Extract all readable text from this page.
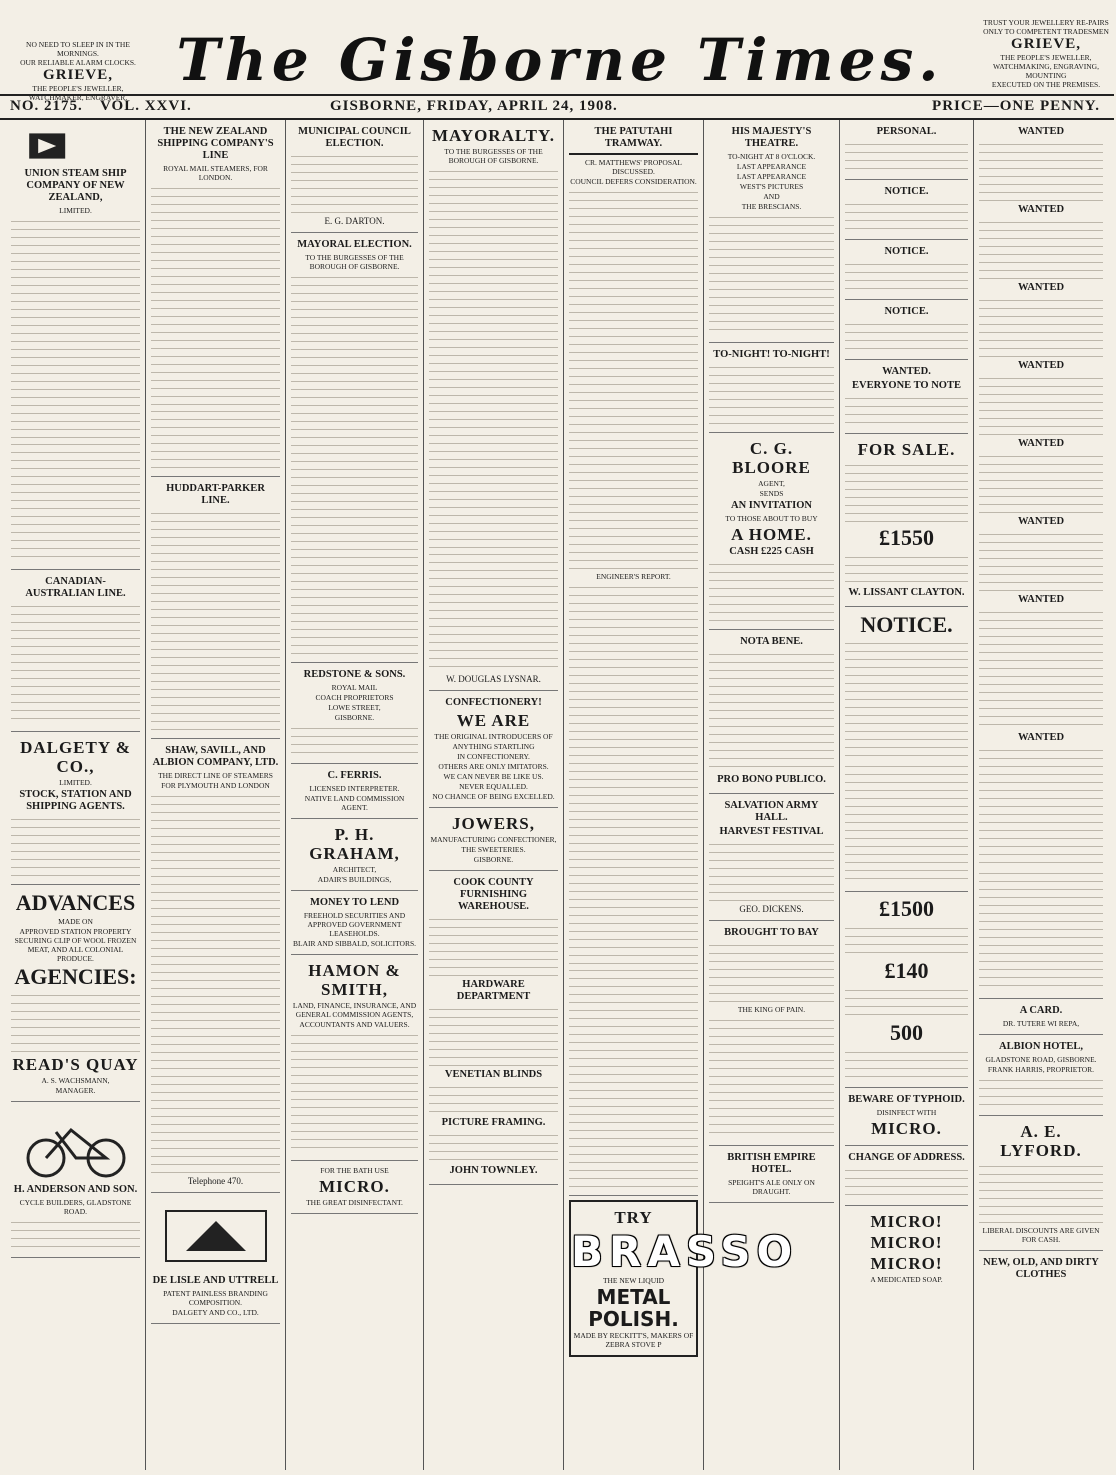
NO NEED TO SLEEP IN IN THE MORNINGS.
OUR RELIABLE ALARM CLOCKS.
GRIEVE,
THE PEOPLE'S JEWELLER, WATCHMAKER, ENGRAVER.
The Gisborne Times.
TRUST YOUR JEWELLERY RE-PAIRS ONLY TO COMPETENT TRADESMEN
GRIEVE,
THE PEOPLE'S JEWELLER,
WATCHMAKING, ENGRAVING,
MOUNTING
EXECUTED ON THE PREMISES.
NO. 2175. VOL. XXVI.	GISBORNE, FRIDAY, APRIL 24, 1908.	PRICE—ONE PENNY.
UNION STEAM SHIP COMPANY OF NEW ZEALAND,
LIMITED.
CANADIAN-AUSTRALIAN LINE.
DALGETY & CO.,
LIMITED.
STOCK, STATION AND SHIPPING AGENTS.
ADVANCES
MADE ON
APPROVED STATION PROPERTY SECURING CLIP OF WOOL FROZEN MEAT, AND ALL COLONIAL PRODUCE.
AGENCIES:
READ'S QUAY
A. S. WACHSMANN,
MANAGER.
H. ANDERSON AND SON.
CYCLE BUILDERS, GLADSTONE ROAD.
THE NEW ZEALAND SHIPPING COMPANY'S LINE
ROYAL MAIL STEAMERS, FOR LONDON.
HUDDART-PARKER LINE.
SHAW, SAVILL, AND ALBION COMPANY, LTD.
THE DIRECT LINE OF STEAMERS
FOR PLYMOUTH AND LONDON
Telephone 470.
DE LISLE AND UTTRELL
PATENT PAINLESS BRANDING COMPOSITION.
DALGETY AND CO., LTD.
MUNICIPAL COUNCIL ELECTION.
E. G. DARTON.
MAYORAL ELECTION.
TO THE BURGESSES OF THE BOROUGH OF GISBORNE.
REDSTONE & SONS.
ROYAL MAIL
COACH PROPRIETORS
LOWE STREET,
GISBORNE.
C. FERRIS.
LICENSED INTERPRETER.
NATIVE LAND COMMISSION AGENT.
P. H. GRAHAM,
ARCHITECT,
ADAIR'S BUILDINGS,
MONEY TO LEND
FREEHOLD SECURITIES AND APPROVED GOVERNMENT LEASEHOLDS.
BLAIR AND SIBBALD, SOLICITORS.
HAMON & SMITH,
LAND, FINANCE, INSURANCE, AND GENERAL COMMISSION AGENTS,
ACCOUNTANTS AND VALUERS.
FOR THE BATH USE
MICRO.
THE GREAT DISINFECTANT.
MAYORALTY.
TO THE BURGESSES OF THE BOROUGH OF GISBORNE.
W. DOUGLAS LYSNAR.
CONFECTIONERY!
WE ARE
THE ORIGINAL INTRODUCERS OF
ANYTHING STARTLING
IN CONFECTIONERY.
OTHERS ARE ONLY IMITATORS.
WE CAN NEVER BE LIKE US.
NEVER EQUALLED.
NO CHANCE OF BEING EXCELLED.
JOWERS,
MANUFACTURING CONFECTIONER,
THE SWEETERIES.
GISBORNE.
COOK COUNTY FURNISHING WAREHOUSE.
HARDWARE DEPARTMENT
VENETIAN BLINDS
PICTURE FRAMING.
JOHN TOWNLEY.
THE PATUTAHI TRAMWAY.
CR. MATTHEWS' PROPOSAL DISCUSSED.
COUNCIL DEFERS CONSIDERATION.
ENGINEER'S REPORT.
TRY
BRASSO
THE NEW LIQUID
METAL POLISH.
MADE BY RECKITT'S, MAKERS OF ZEBRA STOVE P
HIS MAJESTY'S THEATRE.
TO-NIGHT AT 8 O'CLOCK.
LAST APPEARANCE
LAST APPEARANCE
WEST'S PICTURES
AND
THE BRESCIANS.
TO-NIGHT! TO-NIGHT!
C. G. BLOORE
AGENT,
SENDS
AN INVITATION
TO THOSE ABOUT TO BUY
A HOME.
CASH £225 CASH
NOTA BENE.
PRO BONO PUBLICO.
SALVATION ARMY HALL.
HARVEST FESTIVAL
GEO. DICKENS.
BROUGHT TO BAY
THE KING OF PAIN.
BRITISH EMPIRE HOTEL.
SPEIGHT'S ALE ONLY ON DRAUGHT.
PERSONAL.
NOTICE.
NOTICE.
NOTICE.
WANTED.
EVERYONE TO NOTE
FOR SALE.
£1550
W. LISSANT CLAYTON.
NOTICE.
£1500
£140
500
BEWARE OF TYPHOID.
DISINFECT WITH
MICRO.
CHANGE OF ADDRESS.
MICRO!
MICRO!
MICRO!
A MEDICATED SOAP.
WANTED
WANTED
WANTED
WANTED
WANTED
WANTED
WANTED
WANTED
A CARD.
DR. TUTERE WI REPA,
ALBION HOTEL,
GLADSTONE ROAD, GISBORNE.
FRANK HARRIS, PROPRIETOR.
A. E. LYFORD.
LIBERAL DISCOUNTS ARE GIVEN FOR CASH.
NEW, OLD, AND DIRTY CLOTHES
